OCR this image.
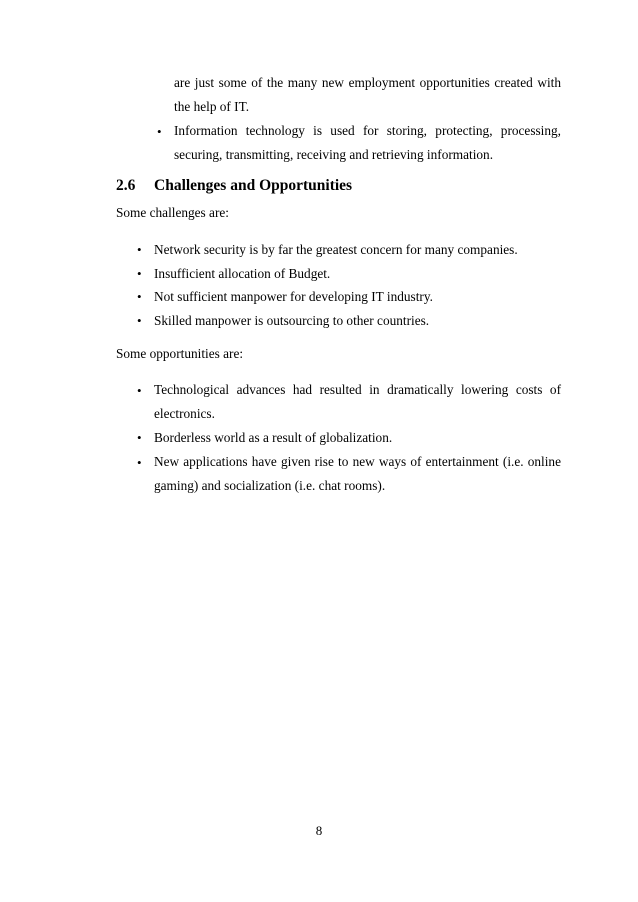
are just some of the many new employment opportunities created with the help of IT.
• Information technology is used for storing, protecting, processing, securing, transmitting, receiving and retrieving information.
2.6 Challenges and Opportunities
Some challenges are:
• Network security is by far the greatest concern for many companies.
• Insufficient allocation of Budget.
• Not sufficient manpower for developing IT industry.
• Skilled manpower is outsourcing to other countries.
Some opportunities are:
• Technological advances had resulted in dramatically lowering costs of electronics.
• Borderless world as a result of globalization.
• New applications have given rise to new ways of entertainment (i.e. online gaming) and socialization (i.e. chat rooms).
8
